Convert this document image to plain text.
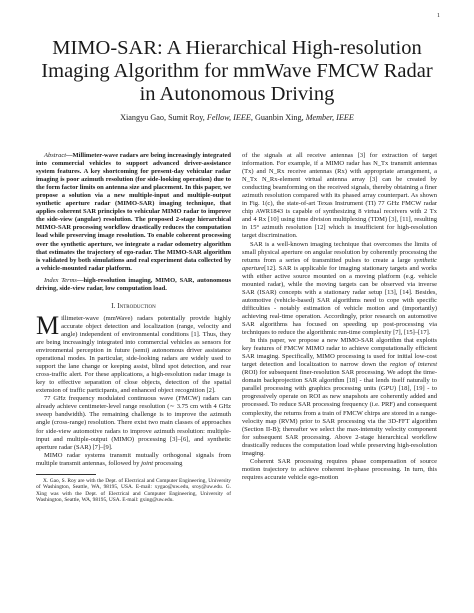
1
MIMO-SAR: A Hierarchical High-resolution Imaging Algorithm for mmWave FMCW Radar in Autonomous Driving
Xiangyu Gao, Sumit Roy, Fellow, IEEE, Guanbin Xing, Member, IEEE

Abstract—Millimeter-wave radars are being increasingly integrated into commercial vehicles to support advanced driver-assistance system features. A key shortcoming for present-day vehicular radar imaging is poor azimuth resolution (for side-looking operation) due to the form factor limits on antenna size and placement. In this paper, we propose a solution via a new multiple-input and multiple-output synthetic aperture radar (MIMO-SAR) imaging technique, that applies coherent SAR principles to vehicular MIMO radar to improve the side-view (angular) resolution. The proposed 2-stage hierarchical MIMO-SAR processing workflow drastically reduces the computation load while preserving image resolution. To enable coherent processing over the synthetic aperture, we integrate a radar odometry algorithm that estimates the trajectory of ego-radar. The MIMO-SAR algorithm is validated by both simulations and real experiment data collected by a vehicle-mounted radar platform.

Index Terms—high-resolution imaging, MIMO, SAR, autonomous driving, side-view radar, low computation load.

I. Introduction

Millimeter-wave (mmWave) radars potentially provide highly accurate object detection and localization (range, velocity and angle) independent of environmental conditions [1]. Thus, they are being increasingly integrated into commercial vehicles as sensors for environmental perception in future (semi) autonomous driver assistance operational modes. In particular, side-looking radars are widely used to support the lane change or keeping assist, blind spot detection, and rear cross-traffic alert. For these applications, a high-resolution radar image is key to effective separation of close objects, detection of the spatial extension of traffic participants, and enhanced object recognition [2].

77 GHz frequency modulated continuous wave (FMCW) radars can already achieve centimeter-level range resolution (∼ 3.75 cm with 4 GHz sweep bandwidth). The remaining challenge is to improve the azimuth angle (cross-range) resolution. There exist two main classes of approaches for side-view automotive radars to improve azimuth resolution: multiple-input and multiple-output (MIMO) processing [3]–[6], and synthetic aperture radar (SAR) [7]–[9].

MIMO radar systems transmit mutually orthogonal signals from multiple transmit antennas, followed by joint processing

X. Gao, S. Roy are with the Dept. of Electrical and Computer Engineering, University of Washington, Seattle, WA, 98195, USA. E-mail: xygao@uw.edu, sroy@uw.edu. G. Xing was with the Dept. of Electrical and Computer Engineering, University of Washington, Seattle, WA, 98195, USA. E-mail: gxing@uw.edu.

of the signals at all receive antennas [3] for extraction of target information. For example, if a MIMO radar has N_Tx transmit antennas (Tx) and N_Rx receive antennas (Rx) with appropriate arrangement, a N_Tx N_Rx-element virtual antenna array [3] can be created by conducting beamforming on the received signals, thereby obtaining a finer azimuth resolution compared with its phased array counterpart. As shown in Fig. 1(c), the state-of-art Texas Instrument (TI) 77 GHz FMCW radar chip AWR1843 is capable of synthesizing 8 virtual receivers with 2 Tx and 4 Rx [10] using time division multiplexing (TDM) [3], [11], resulting in 15° azimuth resolution [12] which is insufficient for high-resolution target discrimination.

SAR is a well-known imaging technique that overcomes the limits of small physical aperture on angular resolution by coherently processing the returns from a series of transmitted pulses to create a large synthetic aperture[12]. SAR is applicable for imaging stationary targets and works with either active source mounted on a moving platform (e.g. vehicle mounted radar), while the moving targets can be observed via inverse SAR (ISAR) concepts with a stationary radar setup [13], [14]. Besides, automotive (vehicle-based) SAR algorithms need to cope with specific difficulties - notably estimation of vehicle motion and (importantly) achieving real-time operation. Accordingly, prior research on automotive SAR algorithms has focused on speeding up post-processing via techniques to reduce the algorithmic run-time complexity [7], [15]–[17].

In this paper, we propose a new MIMO-SAR algorithm that exploits key features of FMCW MIMO radar to achieve computationally efficient SAR imaging. Specifically, MIMO processing is used for initial low-cost target detection and localization to narrow down the region of interest (ROI) for subsequent finer-resolution SAR processing. We adopt the time-domain backprojection SAR algorithm [18] - that lends itself naturally to parallel processing with graphics processing units (GPU) [18], [19] - to progressively operate on ROI as new snapshots are coherently added and processed. To reduce SAR processing frequency (i.e. PRF) and consequent complexity, the returns from a train of FMCW chirps are stored in a range-velocity map (RVM) prior to SAR processing via the 3D-FFT algorithm (Section II-B); thereafter we select the max-intensity velocity component for subsequent SAR processing. Above 2-stage hierarchical workflow drastically reduces the computation load while preserving high-resolution imaging.

Coherent SAR processing requires phase compensation of source motion trajectory to achieve coherent in-phase processing. In turn, this requires accurate vehicle ego-motion
